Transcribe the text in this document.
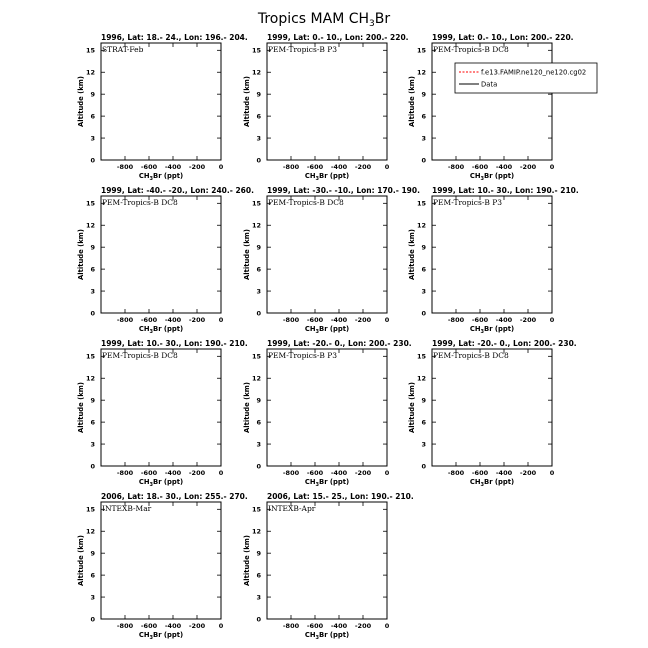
Tropics MAM $CH_3Br$
1996, Lat: 18.- 24., Lon: 196.- 204.
STRAT-Feb
0
3
6
9
12
15
-800 -600 -400 -200 0
$CH_3Br$ (ppt)
Altitude (km)
1999, Lat: 0.- 10., Lon: 200.- 220.
PEM-Tropics-B P3
0
3
6
9
12
15
-800 -600 -400 -200 0
$CH_3Br$ (ppt)
Altitude (km)
1999, Lat: 0.- 10., Lon: 200.- 220.
PEM-Tropics-B DC8
0
3
6
9
12
15
-800 -600 -400 -200 0
$CH_3Br$ (ppt)
Altitude (km)
f.e13.FAMIP.ne120_ne120.cg02
Data
1999, Lat: -40.- -20., Lon: 240.- 260.
PEM-Tropics-B DC8
0
3
6
9
12
15
-800 -600 -400 -200 0
$CH_3Br$ (ppt)
Altitude (km)
1999, Lat: -30.- -10., Lon: 170.- 190.
PEM-Tropics-B DC8
0
3
6
9
12
15
-800 -600 -400 -200 0
$CH_3Br$ (ppt)
Altitude (km)
1999, Lat: 10.- 30., Lon: 190.- 210.
PEM-Tropics-B P3
0
3
6
9
12
15
-800 -600 -400 -200 0
$CH_3Br$ (ppt)
Altitude (km)
1999, Lat: 10.- 30., Lon: 190.- 210.
PEM-Tropics-B DC8
0
3
6
9
12
15
-800 -600 -400 -200 0
$CH_3Br$ (ppt)
Altitude (km)
1999, Lat: -20.- 0., Lon: 200.- 230.
PEM-Tropics-B P3
0
3
6
9
12
15
-800 -600 -400 -200 0
$CH_3Br$ (ppt)
Altitude (km)
1999, Lat: -20.- 0., Lon: 200.- 230.
PEM-Tropics-B DC8
0
3
6
9
12
15
-800 -600 -400 -200 0
$CH_3Br$ (ppt)
Altitude (km)
2006, Lat: 18.- 30., Lon: 255.- 270.
INTEXB-Mar
0
3
6
9
12
15
-800 -600 -400 -200 0
$CH_3Br$ (ppt)
Altitude (km)
2006, Lat: 15.- 25., Lon: 190.- 210.
INTEXB-Apr
0
3
6
9
12
15
-800 -600 -400 -200 0
$CH_3Br$ (ppt)
Altitude (km)
